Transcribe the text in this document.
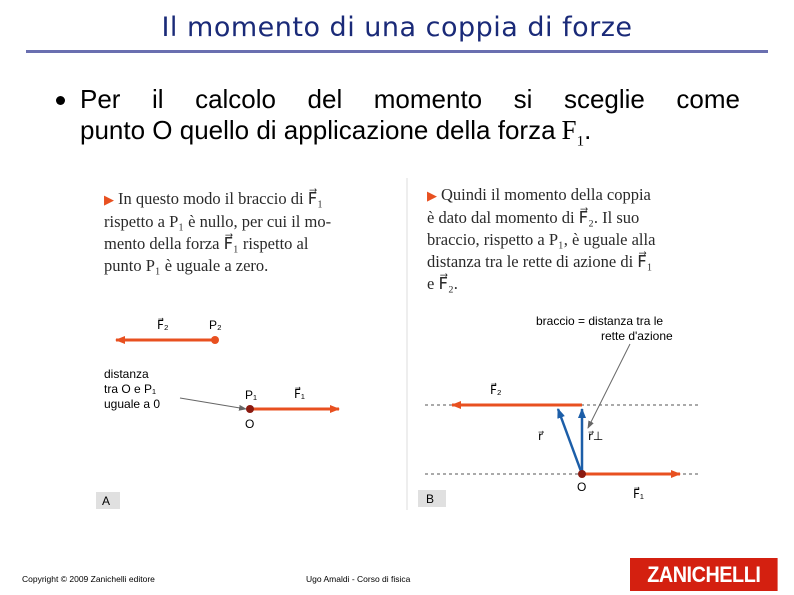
Il momento di una coppia di forze
Per il calcolo del momento si sceglie come
punto O quello di applicazione della forza $F_1$.
▶ In questo modo il braccio di F⃗₁
rispetto a P₁ è nullo, per cui il mo-
mento della forza F⃗₁ rispetto al
punto P₁ è uguale a zero.
▶ Quindi il momento della coppia
è dato dal momento di F⃗₂. Il suo
braccio, rispetto a P₁, è uguale alla
distanza tra le rette di azione di F⃗₁
e F⃗₂.
F⃗₂	P₂
distanza
tra O e P₁
uguale a 0
P₁	F⃗₁
O
A
braccio = distanza tra le
rette d'azione
F⃗₂
r⃗	r⃗⊥
O	F⃗₁
B
Copyright © 2009 Zanichelli editore	Ugo Amaldi - Corso di fisica	ZANICHELLI
